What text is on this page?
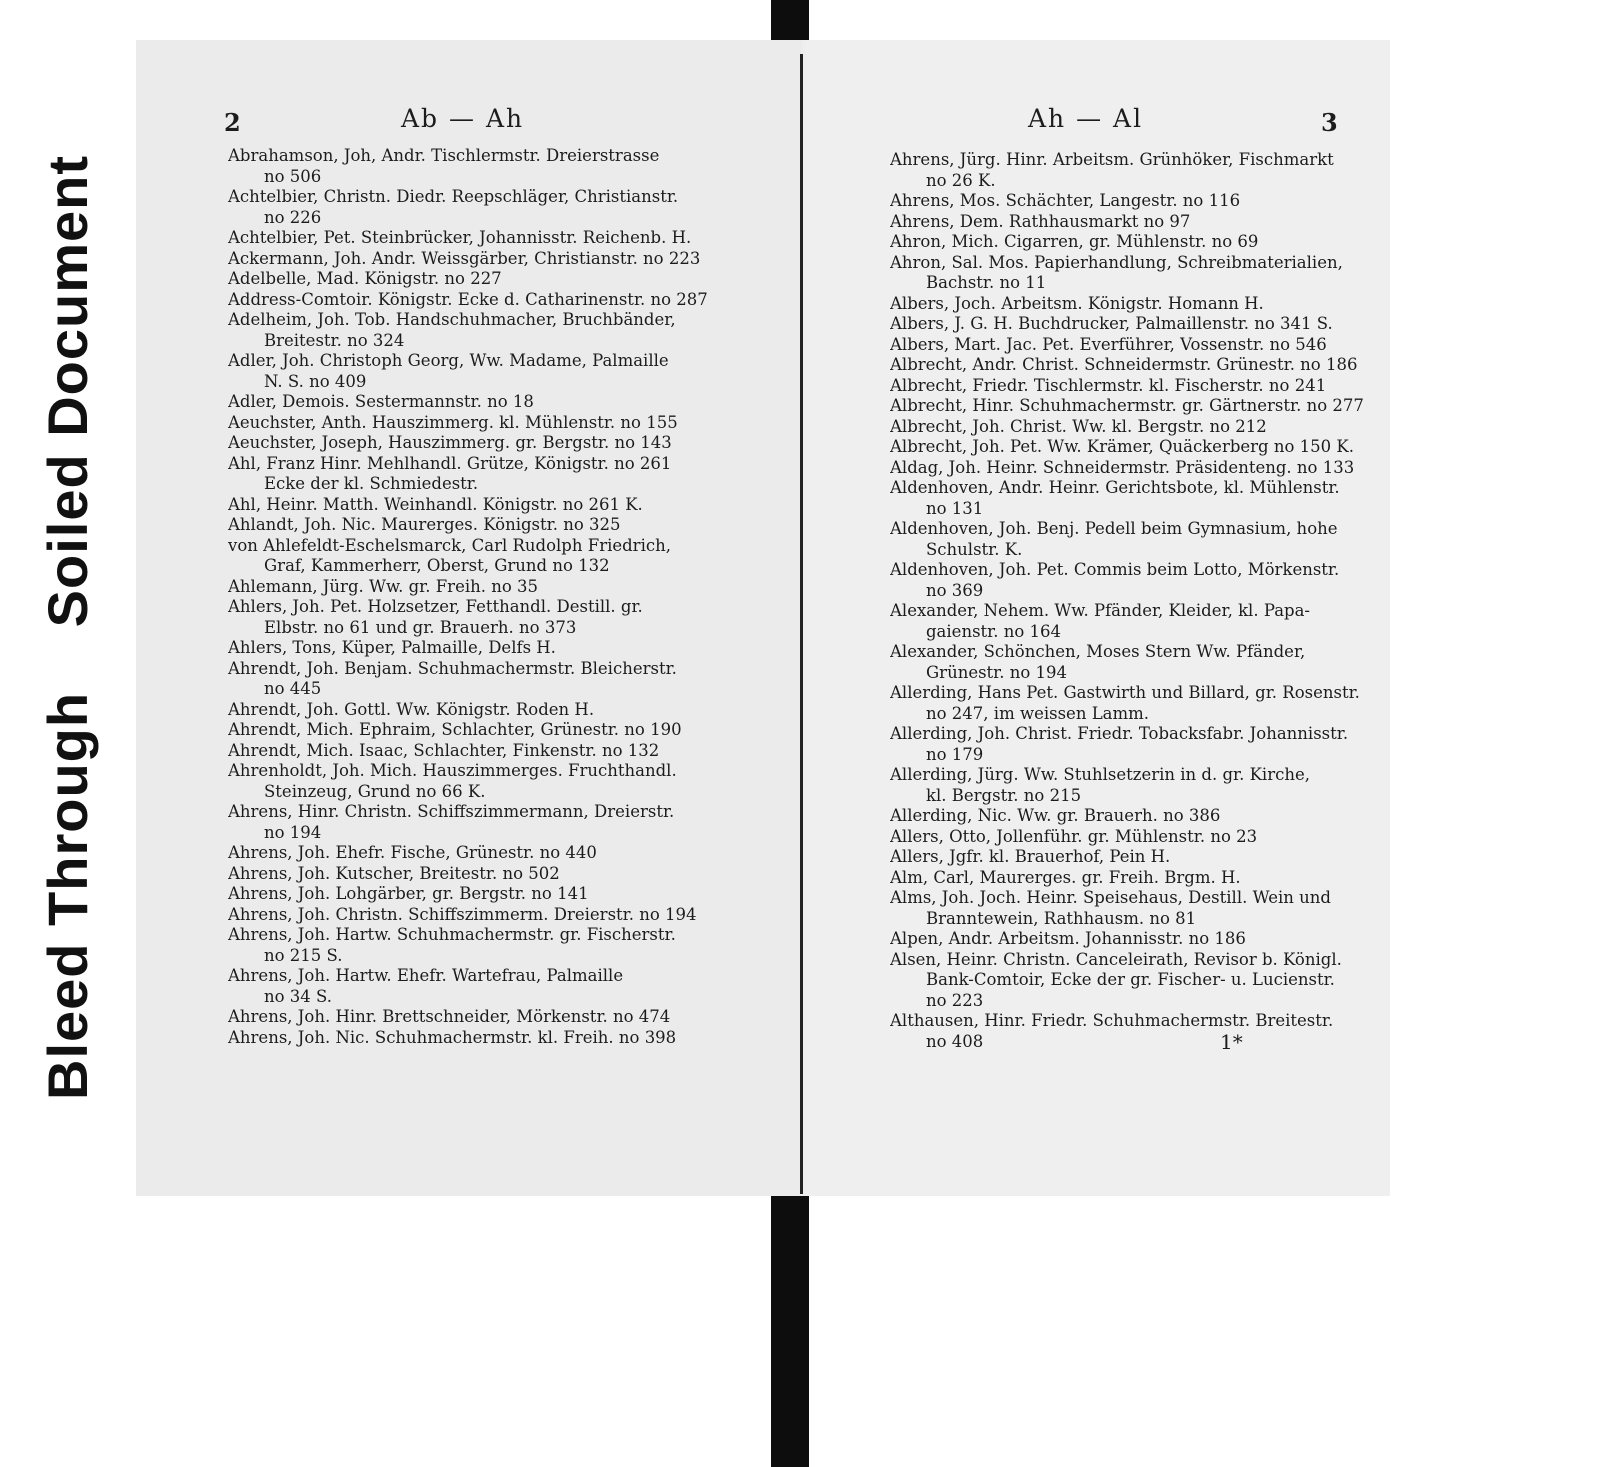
Bleed Through Soiled Document
2	Ab — Ah
Abrahamson, Joh, Andr. Tischlermstr. Dreierstrasse
no 506
Achtelbier, Christn. Diedr. Reepschläger, Christianstr.
no 226
Achtelbier, Pet. Steinbrücker, Johannisstr. Reichenb. H.
Ackermann, Joh. Andr. Weissgärber, Christianstr. no 223
Adelbelle, Mad. Königstr. no 227
Address-Comtoir. Königstr. Ecke d. Catharinenstr. no 287
Adelheim, Joh. Tob. Handschuhmacher, Bruchbänder,
Breitestr. no 324
Adler, Joh. Christoph Georg, Ww. Madame, Palmaille
N. S. no 409
Adler, Demois. Sestermannstr. no 18
Aeuchster, Anth. Hauszimmerg. kl. Mühlenstr. no 155
Aeuchster, Joseph, Hauszimmerg. gr. Bergstr. no 143
Ahl, Franz Hinr. Mehlhandl. Grütze, Königstr. no 261
Ecke der kl. Schmiedestr.
Ahl, Heinr. Matth. Weinhandl. Königstr. no 261 K.
Ahlandt, Joh. Nic. Maurerges. Königstr. no 325
von Ahlefeldt-Eschelsmarck, Carl Rudolph Friedrich,
Graf, Kammerherr, Oberst, Grund no 132
Ahlemann, Jürg. Ww. gr. Freih. no 35
Ahlers, Joh. Pet. Holzsetzer, Fetthandl. Destill. gr.
Elbstr. no 61 und gr. Brauerh. no 373
Ahlers, Tons, Küper, Palmaille, Delfs H.
Ahrendt, Joh. Benjam. Schuhmachermstr. Bleicherstr.
no 445
Ahrendt, Joh. Gottl. Ww. Königstr. Roden H.
Ahrendt, Mich. Ephraim, Schlachter, Grünestr. no 190
Ahrendt, Mich. Isaac, Schlachter, Finkenstr. no 132
Ahrenholdt, Joh. Mich. Hauszimmerges. Fruchthandl.
Steinzeug, Grund no 66 K.
Ahrens, Hinr. Christn. Schiffszimmermann, Dreierstr.
no 194
Ahrens, Joh. Ehefr. Fische, Grünestr. no 440
Ahrens, Joh. Kutscher, Breitestr. no 502
Ahrens, Joh. Lohgärber, gr. Bergstr. no 141
Ahrens, Joh. Christn. Schiffszimmerm. Dreierstr. no 194
Ahrens, Joh. Hartw. Schuhmachermstr. gr. Fischerstr.
no 215 S.
Ahrens, Joh. Hartw. Ehefr. Wartefrau, Palmaille
no 34 S.
Ahrens, Joh. Hinr. Brettschneider, Mörkenstr. no 474
Ahrens, Joh. Nic. Schuhmachermstr. kl. Freih. no 398
Ah — Al	3
Ahrens, Jürg. Hinr. Arbeitsm. Grünhöker, Fischmarkt
no 26 K.
Ahrens, Mos. Schächter, Langestr. no 116
Ahrens, Dem. Rathhausmarkt no 97
Ahron, Mich. Cigarren, gr. Mühlenstr. no 69
Ahron, Sal. Mos. Papierhandlung, Schreibmaterialien,
Bachstr. no 11
Albers, Joch. Arbeitsm. Königstr. Homann H.
Albers, J. G. H. Buchdrucker, Palmaillenstr. no 341 S.
Albers, Mart. Jac. Pet. Everführer, Vossenstr. no 546
Albrecht, Andr. Christ. Schneidermstr. Grünestr. no 186
Albrecht, Friedr. Tischlermstr. kl. Fischerstr. no 241
Albrecht, Hinr. Schuhmachermstr. gr. Gärtnerstr. no 277
Albrecht, Joh. Christ. Ww. kl. Bergstr. no 212
Albrecht, Joh. Pet. Ww. Krämer, Quäckerberg no 150 K.
Aldag, Joh. Heinr. Schneidermstr. Präsidenteng. no 133
Aldenhoven, Andr. Heinr. Gerichtsbote, kl. Mühlenstr.
no 131
Aldenhoven, Joh. Benj. Pedell beim Gymnasium, hohe
Schulstr. K.
Aldenhoven, Joh. Pet. Commis beim Lotto, Mörkenstr.
no 369
Alexander, Nehem. Ww. Pfänder, Kleider, kl. Papa-
gaienstr. no 164
Alexander, Schönchen, Moses Stern Ww. Pfänder,
Grünestr. no 194
Allerding, Hans Pet. Gastwirth und Billard, gr. Rosenstr.
no 247, im weissen Lamm.
Allerding, Joh. Christ. Friedr. Tobacksfabr. Johannisstr.
no 179
Allerding, Jürg. Ww. Stuhlsetzerin in d. gr. Kirche,
kl. Bergstr. no 215
Allerding, Nic. Ww. gr. Brauerh. no 386
Allers, Otto, Jollenführ. gr. Mühlenstr. no 23
Allers, Jgfr. kl. Brauerhof, Pein H.
Alm, Carl, Maurerges. gr. Freih. Brgm. H.
Alms, Joh. Joch. Heinr. Speisehaus, Destill. Wein und
Branntewein, Rathhausm. no 81
Alpen, Andr. Arbeitsm. Johannisstr. no 186
Alsen, Heinr. Christn. Canceleirath, Revisor b. Königl.
Bank-Comtoir, Ecke der gr. Fischer- u. Lucienstr.
no 223
Althausen, Hinr. Friedr. Schuhmachermstr. Breitestr.
no 408	1*
